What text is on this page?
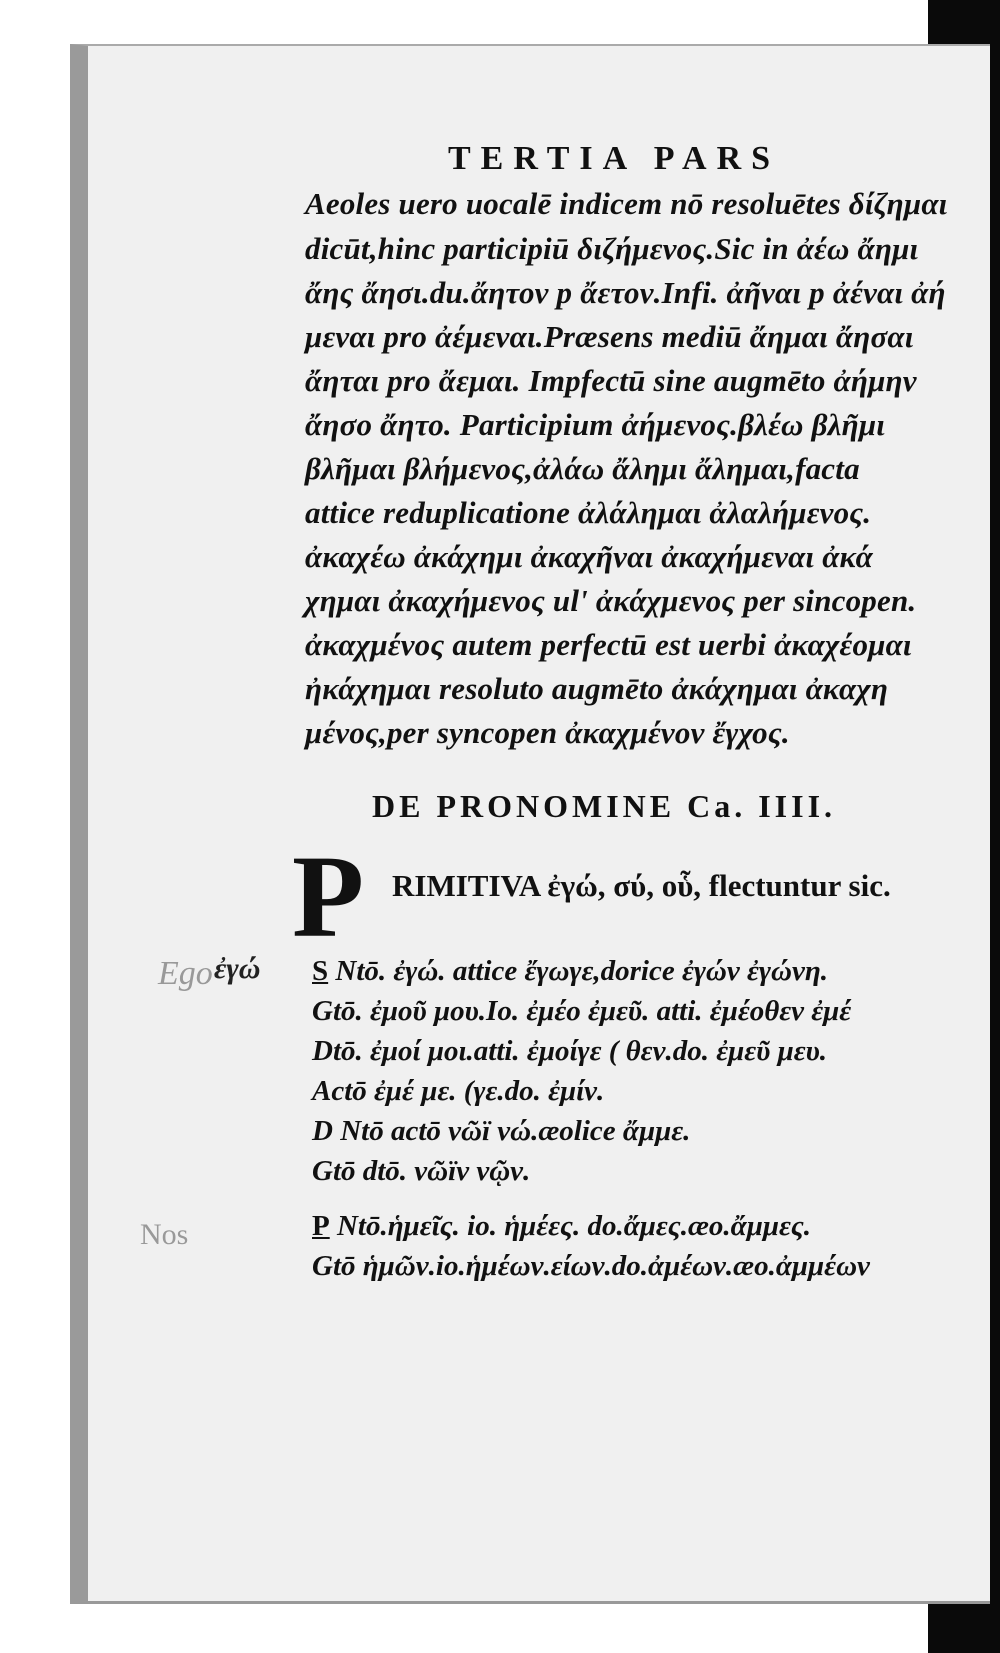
TERTIA PARS
Aeoles uero uocalē indicem nō resoluētes δίζημαι
dicūt,hinc participiū διζήμενος.Sic in ἀέω ἄημι
ἄης ἄησι.du.ἄητον p ἄετον.Infi. ἀῆναι p ἀέναι ἀή
μεναι pro ἀέμεναι.Præsens mediū ἄημαι ἄησαι
ἄηται pro ἄεμαι. Impfectū sine augmēto ἀήμην
ἄησο ἄητο. Participium ἀήμενος.βλέω βλῆμι
βλῆμαι βλήμενος,ἀλάω ἄλημι ἄλημαι,facta
attice reduplicatione ἀλάλημαι ἀλαλήμενος.
ἀκαχέω ἀκάχημι ἀκαχῆναι ἀκαχήμεναι ἀκά
χημαι ἀκαχήμενος ul' ἀκάχμενος per sincopen.
ἀκαχμένος autem perfectū est uerbi ἀκαχέομαι
ἠκάχημαι resoluto augmēto ἀκάχημαι ἀκαχη
μένος,per syncopen ἀκαχμένον ἔγχος.
DE PRONOMINE Ca. IIII.
P RIMITIVA ἐγώ, σύ, οὗ, flectuntur sic.
Ego ἐγώ
Nos
S Ntō. ἐγώ. attice ἔγωγε,dorice ἐγών ἐγώνη.
Gtō. ἐμοῦ μου.Io. ἐμέο ἐμεῦ. atti. ἐμέοθεν ἐμέ
Dtō. ἐμοί μοι.atti. ἐμοίγε ( θεν.do. ἐμεῦ μευ.
Actō ἐμέ με. (γε.do. ἐμίν.
D Ntō actō νῶϊ νώ.æolice ἄμμε.
Gtō dtō. νῶϊν νῷν.
P Ntō.ἡμεῖς. io. ἡμέες. do.ἄμες.æo.ἄμμες.
Gtō ἡμῶν.io.ἡμέων.είων.do.ἀμέων.æo.ἀμμέων
